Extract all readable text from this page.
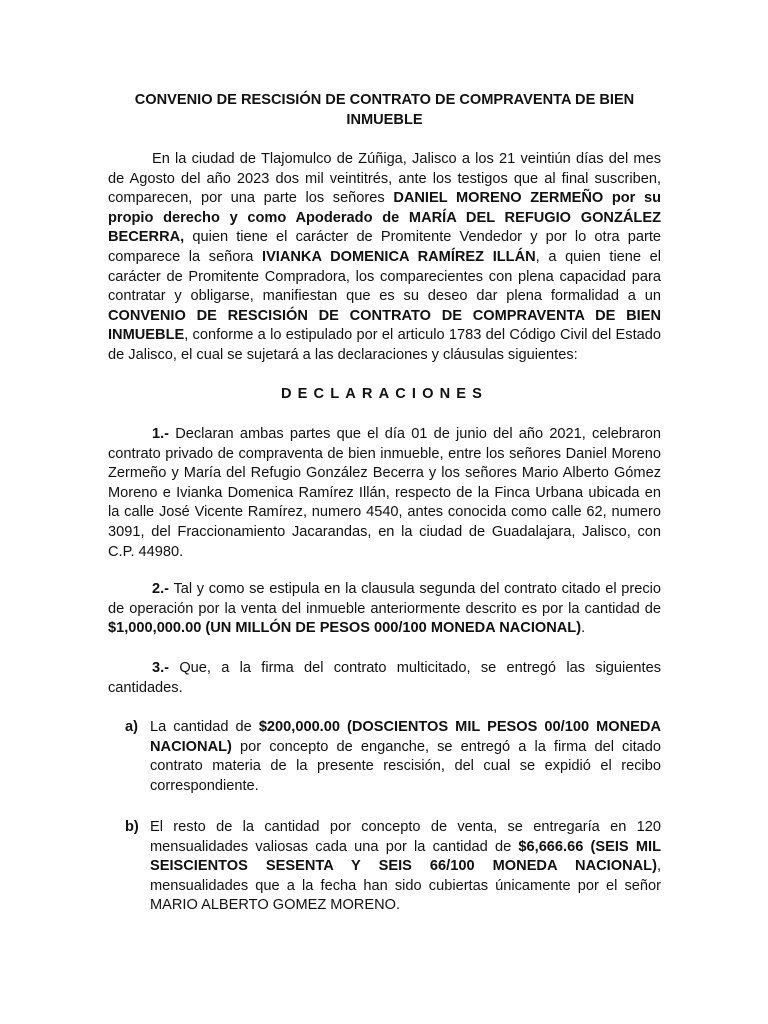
CONVENIO DE RESCISIÓN DE CONTRATO DE COMPRAVENTA DE BIEN
INMUEBLE
En la ciudad de Tlajomulco de Zúñiga, Jalisco a los 21 veintiún días del mes de Agosto del año 2023 dos mil veintitrés, ante los testigos que al final suscriben, comparecen, por una parte los señores DANIEL MORENO ZERMEÑO por su propio derecho y como Apoderado de MARÍA DEL REFUGIO GONZÁLEZ BECERRA, quien tiene el carácter de Promitente Vendedor y por lo otra parte comparece la señora IVIANKA DOMENICA RAMÍREZ ILLÁN, a quien tiene el carácter de Promitente Compradora, los comparecientes con plena capacidad para contratar y obligarse, manifiestan que es su deseo dar plena formalidad a un CONVENIO DE RESCISIÓN DE CONTRATO DE COMPRAVENTA DE BIEN INMUEBLE, conforme a lo estipulado por el articulo 1783 del Código Civil del Estado de Jalisco, el cual se sujetará a las declaraciones y cláusulas siguientes:
DECLARACIONES
1.- Declaran ambas partes que el día 01 de junio del año 2021, celebraron contrato privado de compraventa de bien inmueble, entre los señores Daniel Moreno Zermeño y María del Refugio González Becerra y los señores Mario Alberto Gómez Moreno e Ivianka Domenica Ramírez Illán, respecto de la Finca Urbana ubicada en la calle José Vicente Ramírez, numero 4540, antes conocida como calle 62, numero 3091, del Fraccionamiento Jacarandas, en la ciudad de Guadalajara, Jalisco, con C.P. 44980.
2.- Tal y como se estipula en la clausula segunda del contrato citado el precio de operación por la venta del inmueble anteriormente descrito es por la cantidad de $1,000,000.00 (UN MILLÓN DE PESOS 000/100 MONEDA NACIONAL).
3.- Que, a la firma del contrato multicitado, se entregó las siguientes cantidades.
a) La cantidad de $200,000.00 (DOSCIENTOS MIL PESOS 00/100 MONEDA NACIONAL) por concepto de enganche, se entregó a la firma del citado contrato materia de la presente rescisión, del cual se expidió el recibo correspondiente.
b) El resto de la cantidad por concepto de venta, se entregaría en 120 mensualidades valiosas cada una por la cantidad de $6,666.66 (SEIS MIL SEISCIENTOS SESENTA Y SEIS 66/100 MONEDA NACIONAL), mensualidades que a la fecha han sido cubiertas únicamente por el señor MARIO ALBERTO GOMEZ MORENO.
